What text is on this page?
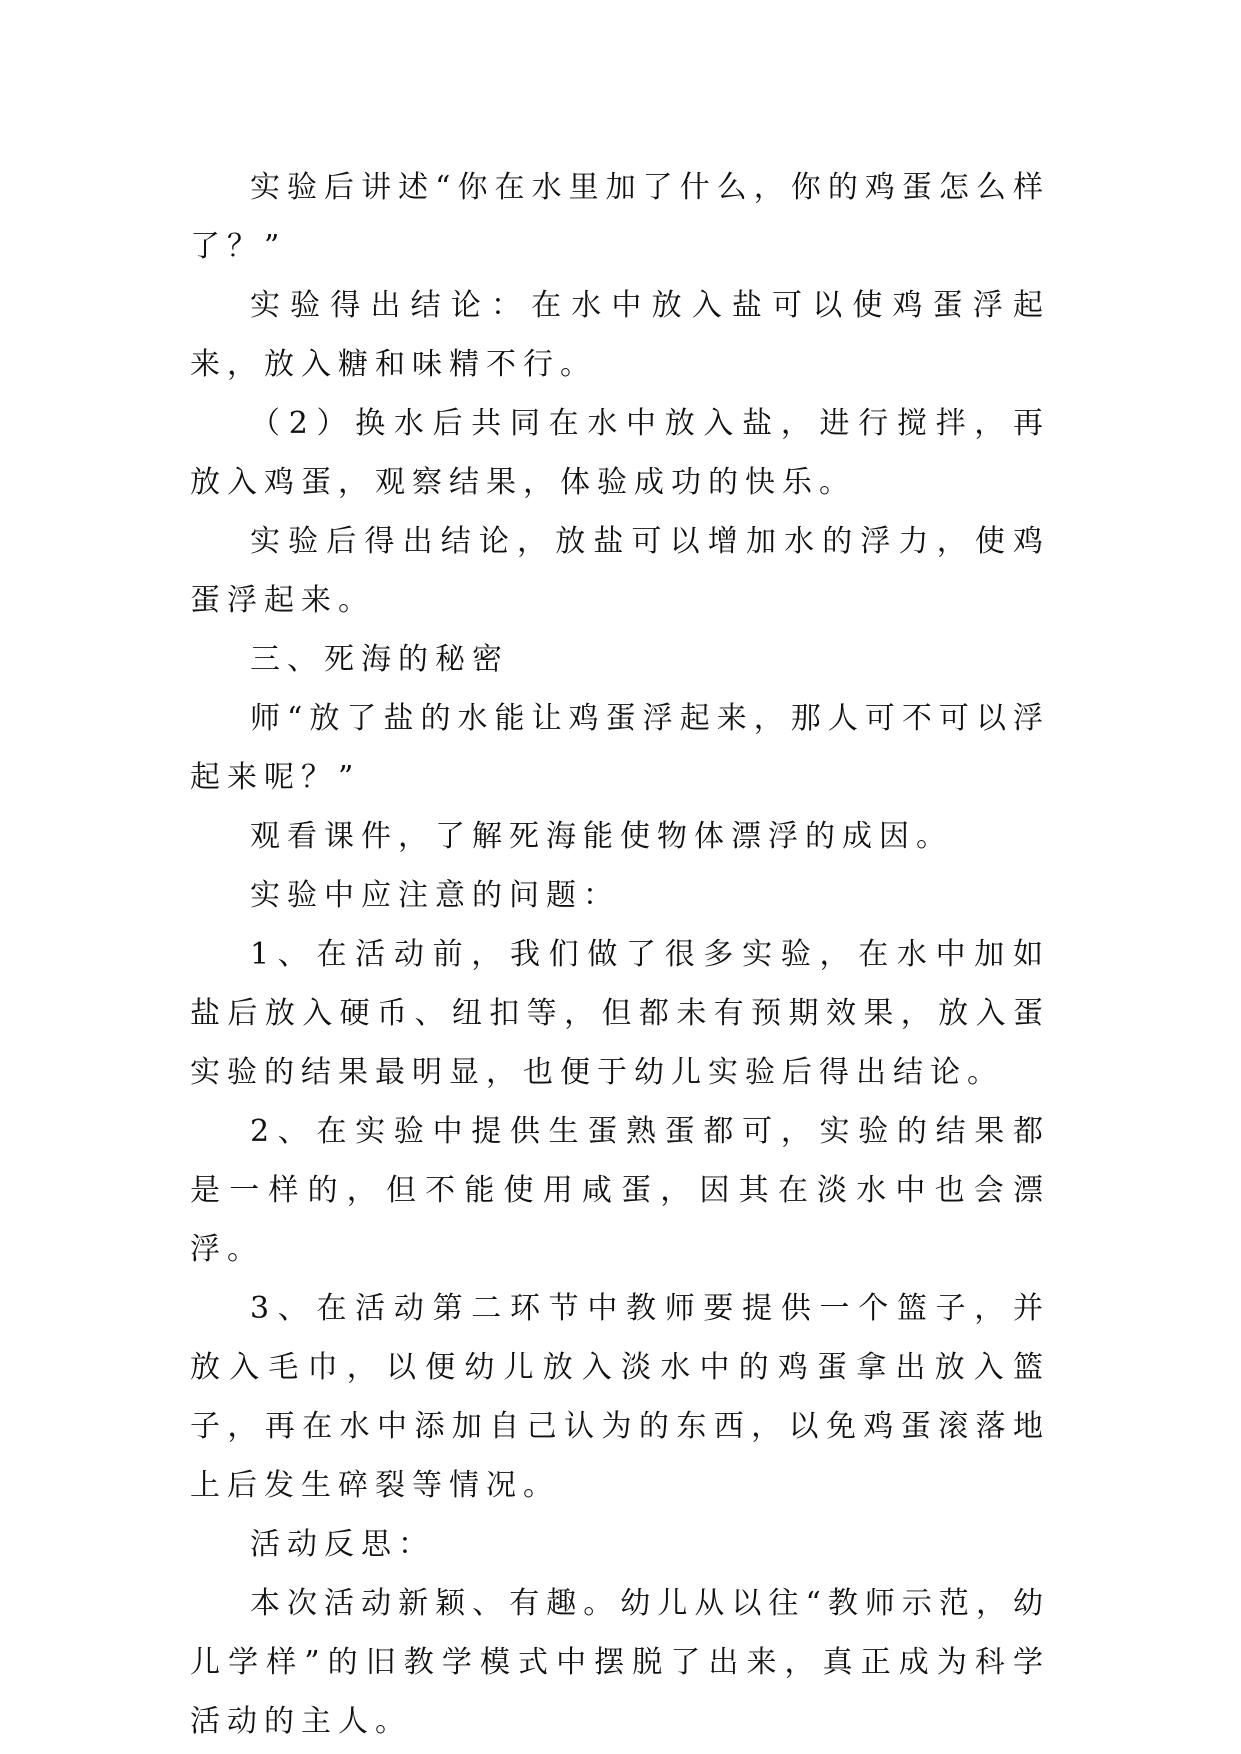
实验后讲述“你在水里加了什么，你的鸡蛋怎么样了？”

实验得出结论：在水中放入盐可以使鸡蛋浮起来，放入糖和味精不行。

（2）换水后共同在水中放入盐，进行搅拌，再放入鸡蛋，观察结果，体验成功的快乐。

实验后得出结论，放盐可以增加水的浮力，使鸡蛋浮起来。

三、死海的秘密

师“放了盐的水能让鸡蛋浮起来，那人可不可以浮起来呢？”

观看课件，了解死海能使物体漂浮的成因。

实验中应注意的问题：

1、在活动前，我们做了很多实验，在水中加如盐后放入硬币、纽扣等，但都未有预期效果，放入蛋实验的结果最明显，也便于幼儿实验后得出结论。

2、在实验中提供生蛋熟蛋都可，实验的结果都是一样的，但不能使用咸蛋，因其在淡水中也会漂浮。

3、在活动第二环节中教师要提供一个篮子，并放入毛巾，以便幼儿放入淡水中的鸡蛋拿出放入篮子，再在水中添加自己认为的东西，以免鸡蛋滚落地上后发生碎裂等情况。

活动反思：

本次活动新颖、有趣。幼儿从以往“教师示范，幼儿学样”的旧教学模式中摆脱了出来，真正成为科学活动的主人。
